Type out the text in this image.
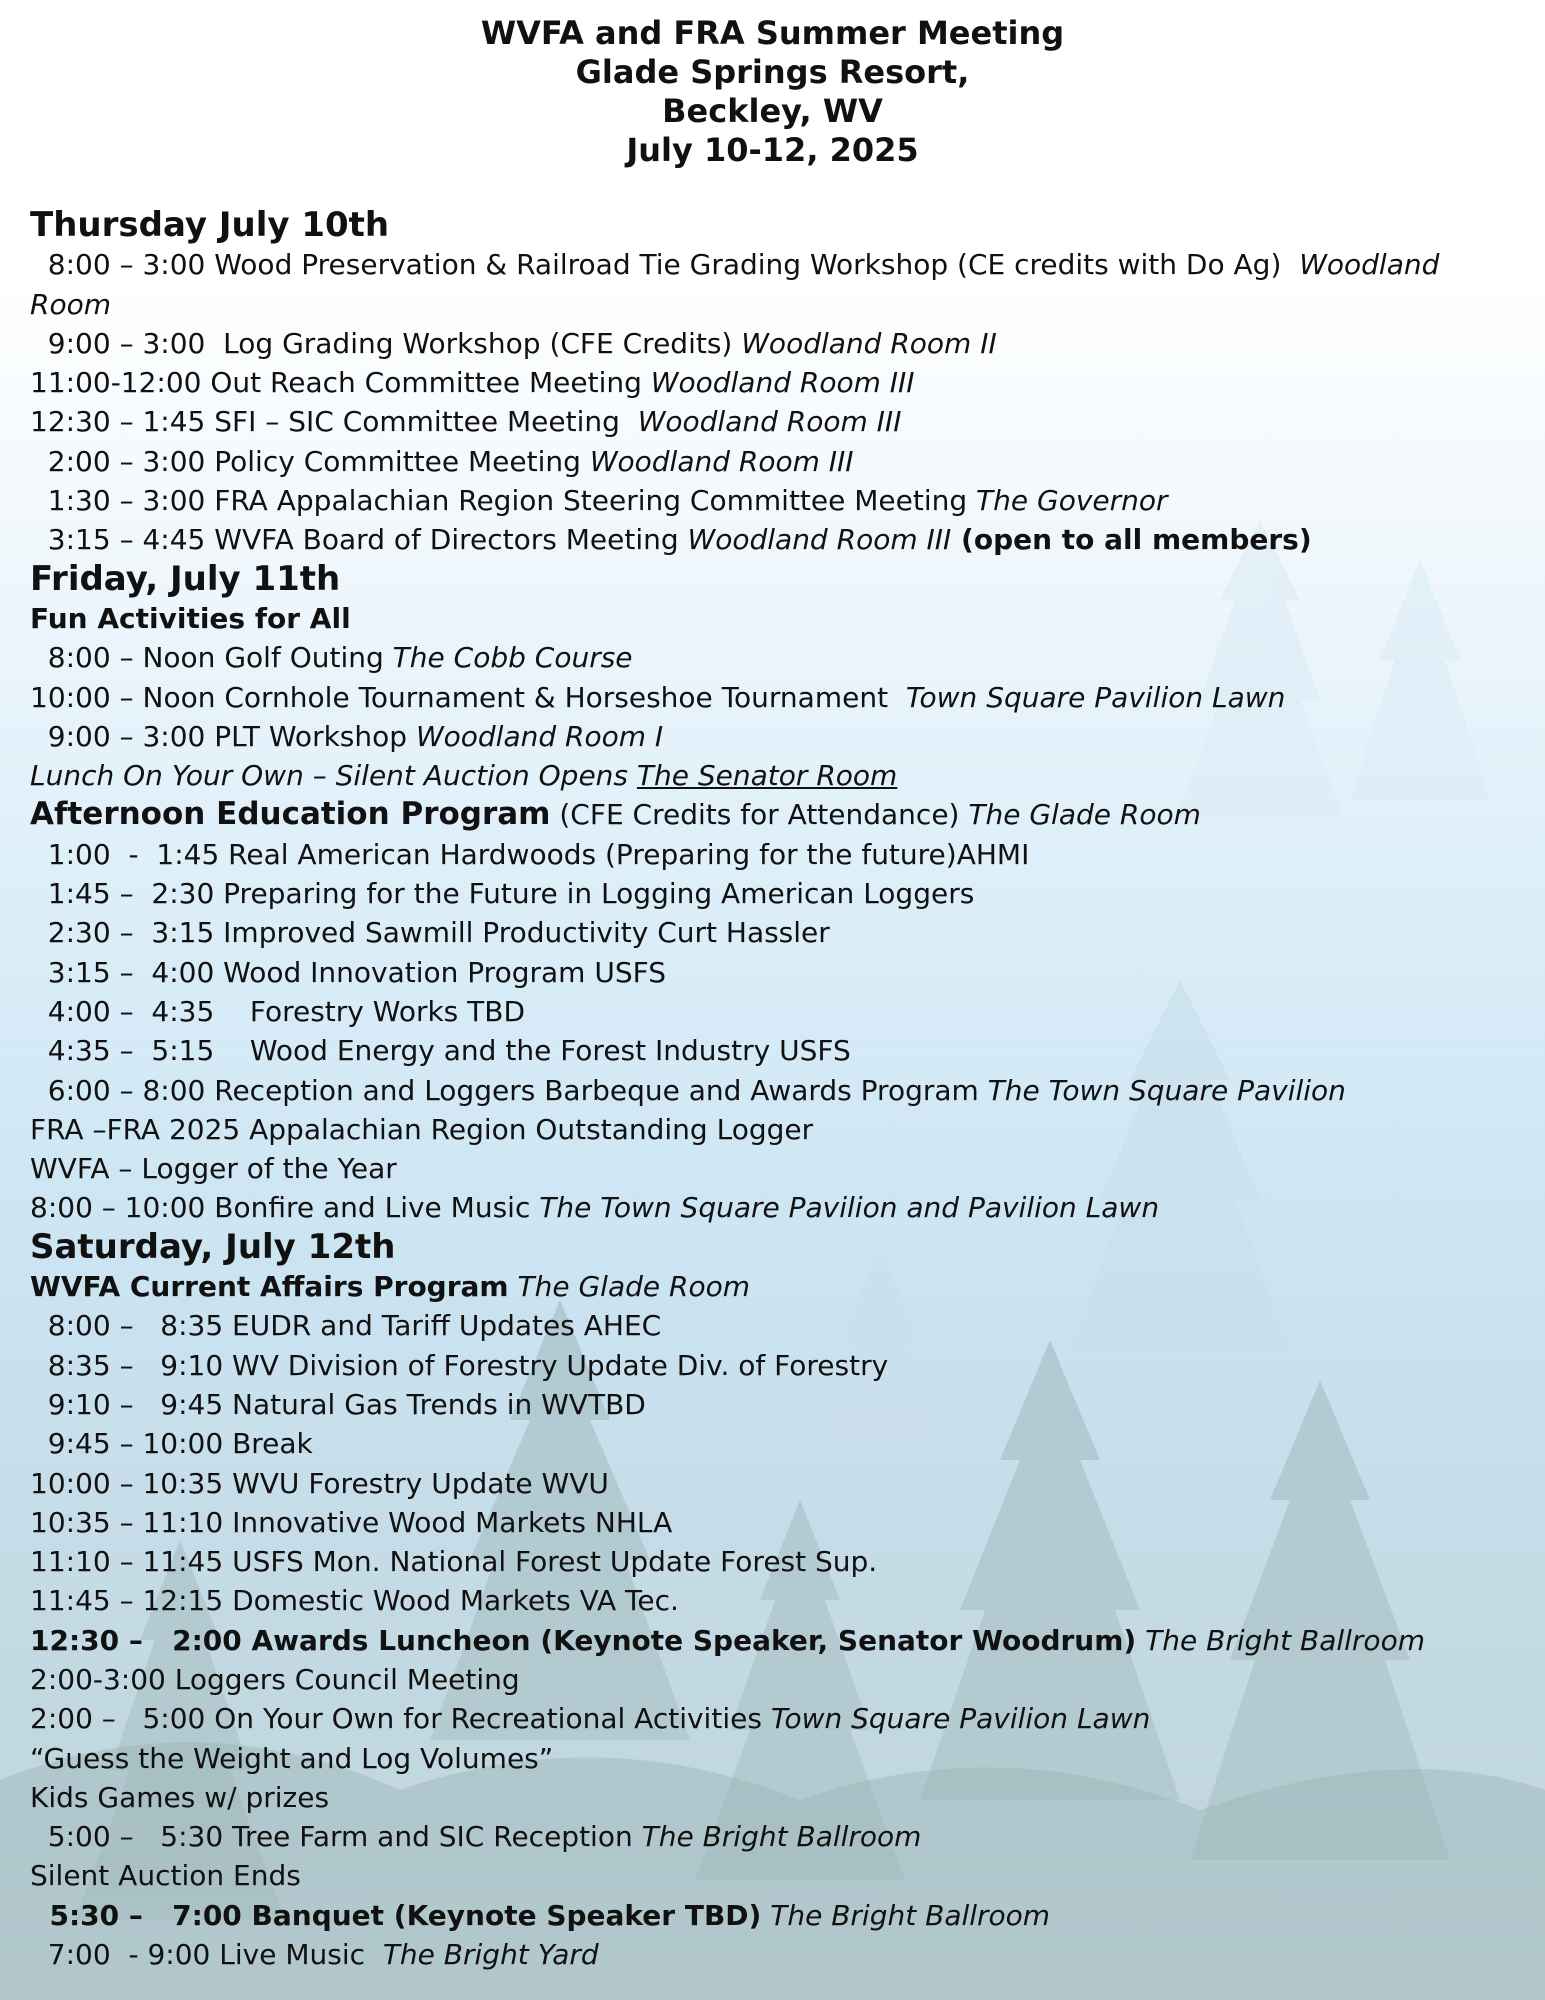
WVFA and FRA Summer Meeting
Glade Springs Resort,
Beckley, WV
July 10-12, 2025
Thursday July 10th
8:00 – 3:00 Wood Preservation & Railroad Tie Grading Workshop (CE credits with Do Ag)  Woodland
Room
9:00 – 3:00  Log Grading Workshop (CFE Credits) Woodland Room II
11:00-12:00 Out Reach Committee Meeting Woodland Room III
12:30 – 1:45 SFI – SIC Committee Meeting  Woodland Room III
2:00 – 3:00 Policy Committee Meeting Woodland Room III
1:30 – 3:00 FRA Appalachian Region Steering Committee Meeting The Governor
3:15 – 4:45 WVFA Board of Directors Meeting Woodland Room III (open to all members)
Friday, July 11th
Fun Activities for All
8:00 – Noon Golf Outing The Cobb Course
10:00 – Noon Cornhole Tournament & Horseshoe Tournament  Town Square Pavilion Lawn
9:00 – 3:00 PLT Workshop Woodland Room I
Lunch On Your Own – Silent Auction Opens The Senator Room
Afternoon Education Program (CFE Credits for Attendance) The Glade Room
1:00  -  1:45 Real American Hardwoods (Preparing for the future)AHMI
1:45 –  2:30 Preparing for the Future in Logging American Loggers
2:30 –  3:15 Improved Sawmill Productivity Curt Hassler
3:15 –  4:00 Wood Innovation Program USFS
4:00 –  4:35    Forestry Works TBD
4:35 –  5:15    Wood Energy and the Forest Industry USFS
6:00 – 8:00 Reception and Loggers Barbeque and Awards Program The Town Square Pavilion
FRA –FRA 2025 Appalachian Region Outstanding Logger
WVFA – Logger of the Year
8:00 – 10:00 Bonfire and Live Music The Town Square Pavilion and Pavilion Lawn
Saturday, July 12th
WVFA Current Affairs Program The Glade Room
8:00 –   8:35 EUDR and Tariff Updates AHEC
8:35 –   9:10 WV Division of Forestry Update Div. of Forestry
9:10 –   9:45 Natural Gas Trends in WVTBD
9:45 – 10:00 Break
10:00 – 10:35 WVU Forestry Update WVU
10:35 – 11:10 Innovative Wood Markets NHLA
11:10 – 11:45 USFS Mon. National Forest Update Forest Sup.
11:45 – 12:15 Domestic Wood Markets VA Tec.
12:30 –   2:00 Awards Luncheon (Keynote Speaker, Senator Woodrum) The Bright Ballroom
2:00-3:00 Loggers Council Meeting
2:00 –   5:00 On Your Own for Recreational Activities Town Square Pavilion Lawn
“Guess the Weight and Log Volumes”
Kids Games w/ prizes
5:00 –   5:30 Tree Farm and SIC Reception The Bright Ballroom
Silent Auction Ends
5:30 –   7:00 Banquet (Keynote Speaker TBD) The Bright Ballroom
7:00  - 9:00 Live Music  The Bright Yard
